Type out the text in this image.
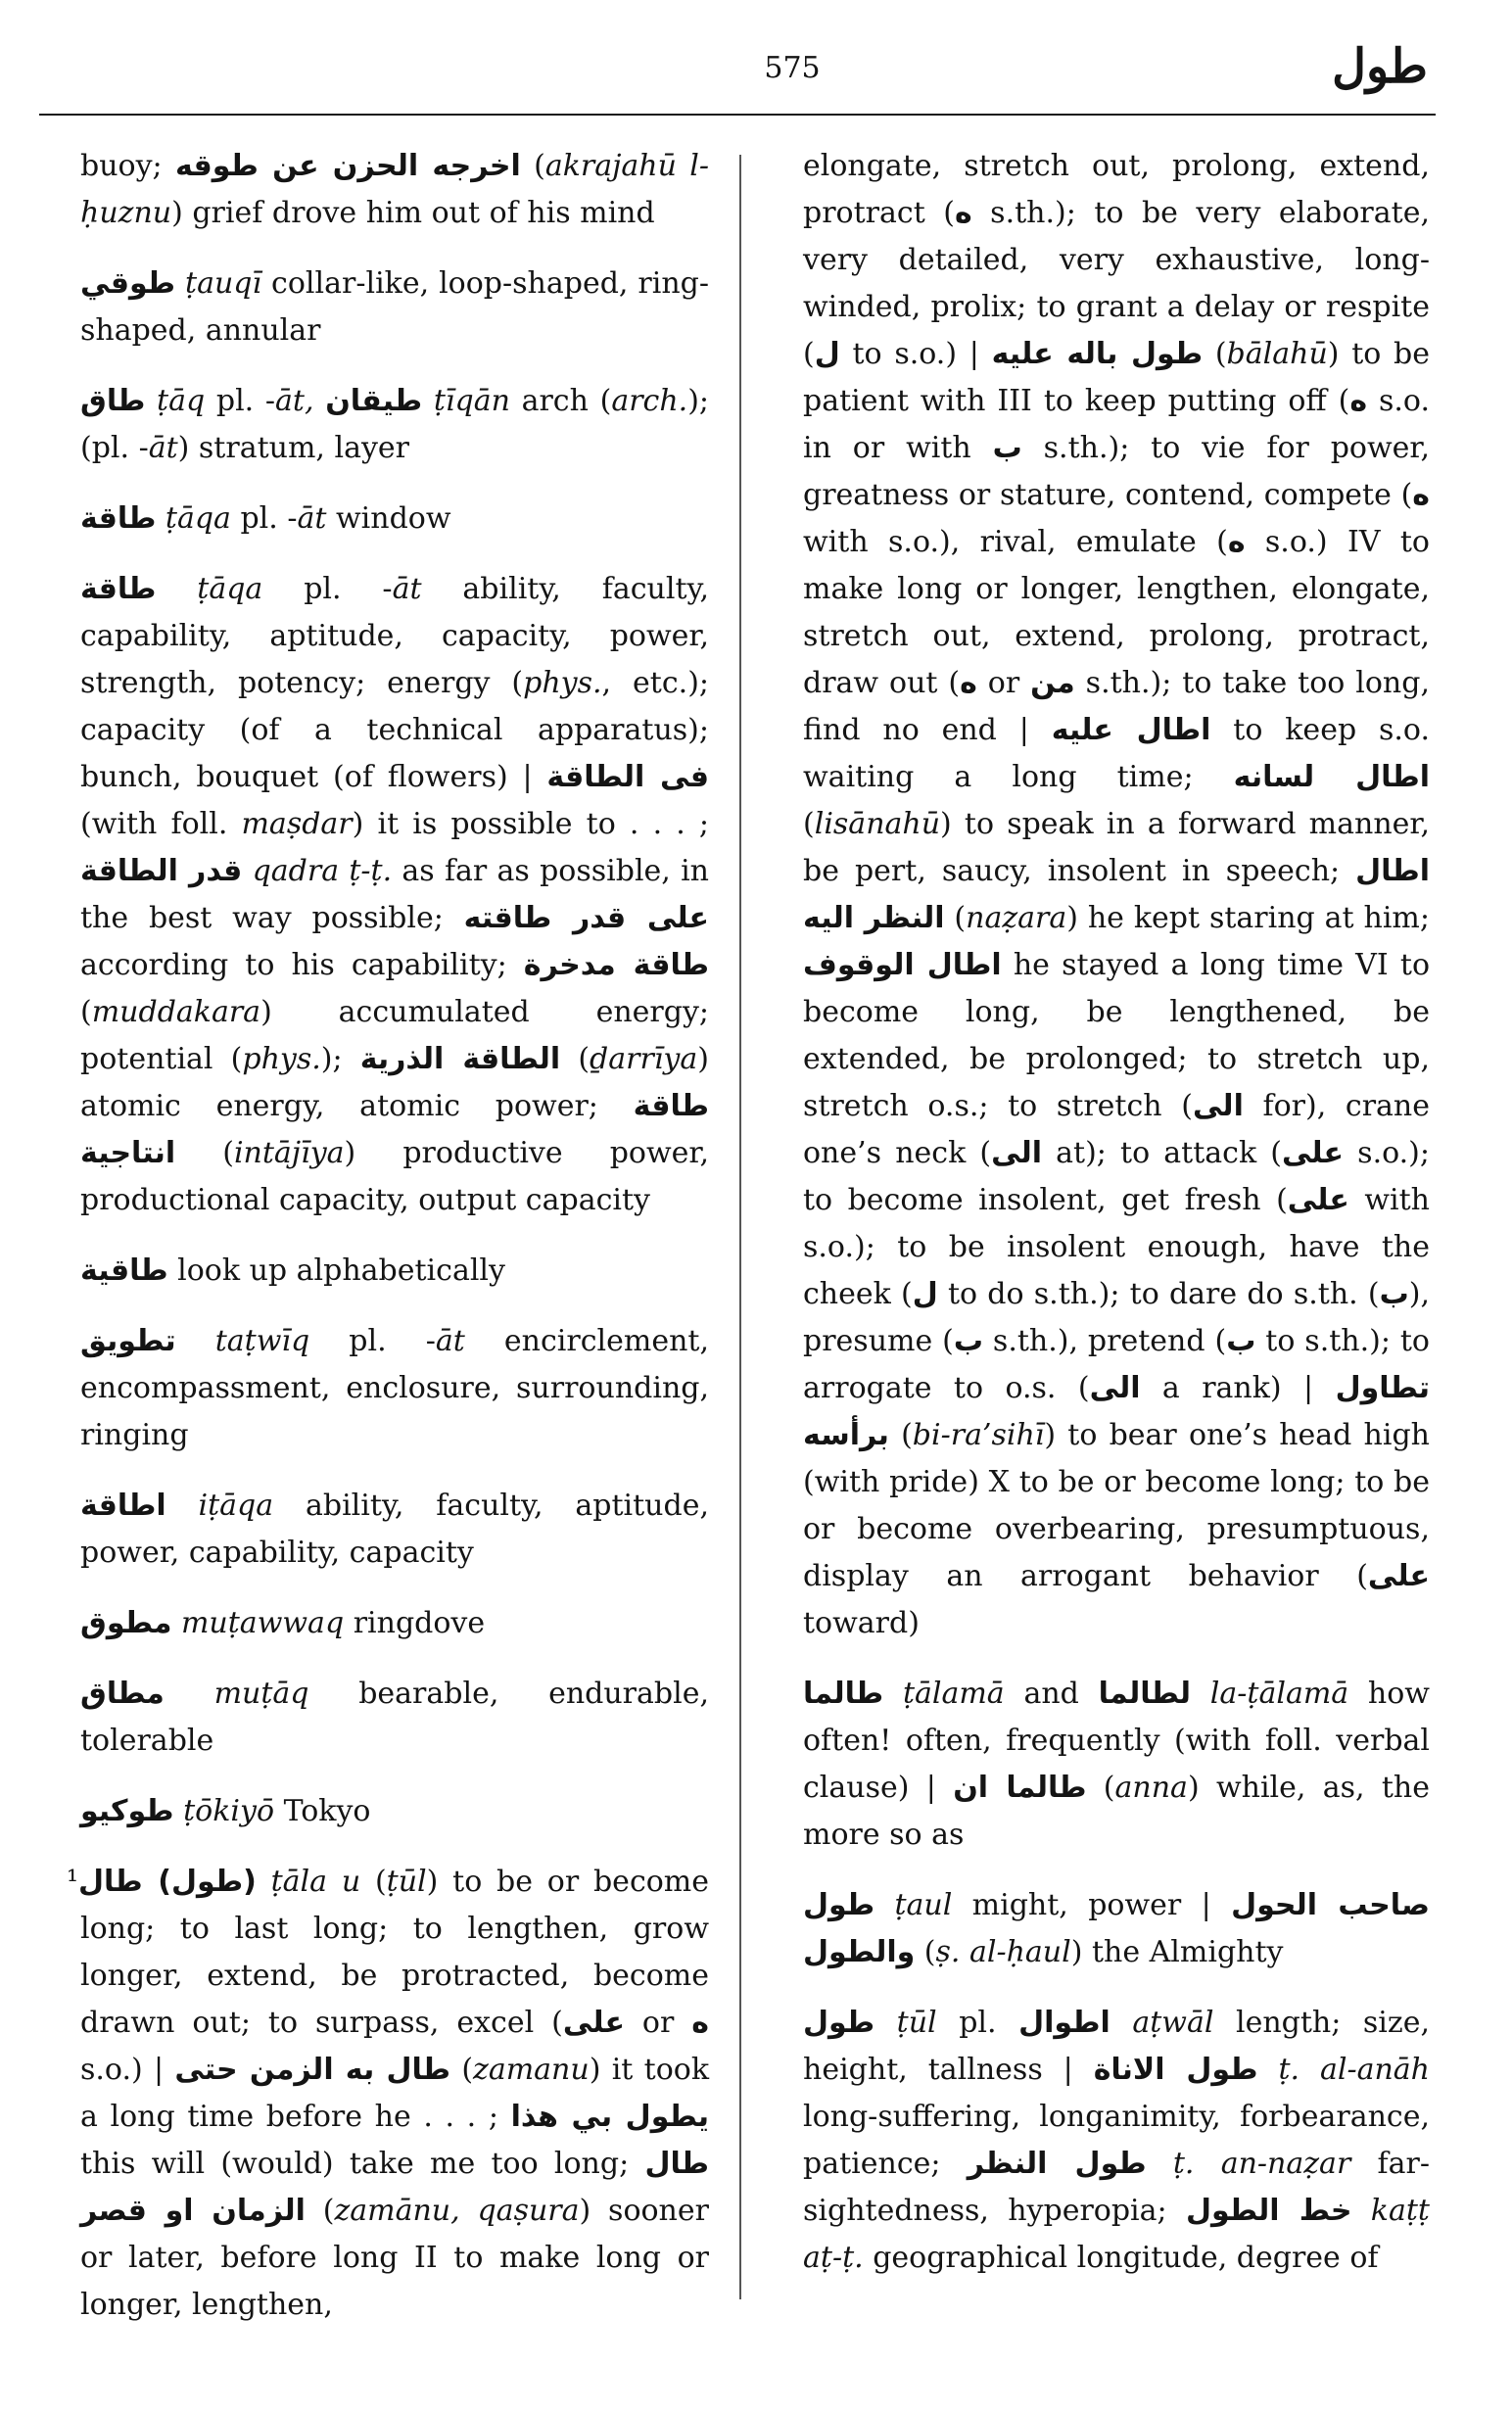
575	طول

buoy; اخرجه الحزن عن طوقه (akrajahū l-ḥuznu) grief drove him out of his mind

طوقي ṭauqī collar-like, loop-shaped, ring-shaped, annular

طاق ṭāq pl. -āt, طيقان ṭīqān arch (arch.); (pl. -āt) stratum, layer

طاقة ṭāqa pl. -āt window

طاقة ṭāqa pl. -āt ability, faculty, capability, aptitude, capacity, power, strength, potency; energy (phys., etc.); capacity (of a technical apparatus); bunch, bouquet (of flowers) | فى الطاقة (with foll. maṣdar) it is possible to . . . ; قدر الطاقة qadra ṭ-ṭ. as far as possible, in the best way possible; على قدر طاقته according to his capability; طاقة مدخرة (muddakara) accumulated energy; potential (phys.); الطاقة الذرية (ḏarrīya) atomic energy, atomic power; طاقة انتاجية (intājīya) productive power, productional capacity, output capacity

طاقية look up alphabetically

تطويق taṭwīq pl. -āt encirclement, encompassment, enclosure, surrounding, ringing

اطاقة iṭāqa ability, faculty, aptitude, power, capability, capacity

مطوق muṭawwaq ringdove

مطاق muṭāq bearable, endurable, tolerable

طوكيو ṭōkiyō Tokyo

¹(طول) طال ṭāla u (ṭūl) to be or become long; to last long; to lengthen, grow longer, extend, be protracted, become drawn out; to surpass, excel (على or ه s.o.) | طال به الزمن حتى (zamanu) it took a long time before he . . . ; يطول بي هذا this will (would) take me too long; طال الزمان او قصر (zamānu, qaṣura) sooner or later, before long II to make long or longer, lengthen,

elongate, stretch out, prolong, extend, protract (ه s.th.); to be very elaborate, very detailed, very exhaustive, long-winded, prolix; to grant a delay or respite (ل to s.o.) | طول باله عليه (bālahū) to be patient with III to keep putting off (ه s.o. in or with ب s.th.); to vie for power, greatness or stature, contend, compete (ه with s.o.), rival, emulate (ه s.o.) IV to make long or longer, lengthen, elongate, stretch out, extend, prolong, protract, draw out (ه or من s.th.); to take too long, find no end | اطال عليه to keep s.o. waiting a long time; اطال لسانه (lisānahū) to speak in a forward manner, be pert, saucy, insolent in speech; اطال النظر اليه (naẓara) he kept staring at him; اطال الوقوف he stayed a long time VI to become long, be lengthened, be extended, be prolonged; to stretch up, stretch o.s.; to stretch (الى for), crane one’s neck (الى at); to attack (على s.o.); to become insolent, get fresh (على with s.o.); to be insolent enough, have the cheek (ل to do s.th.); to dare do s.th. (ب), presume (ب s.th.), pretend (ب to s.th.); to arrogate to o.s. (الى a rank) | تطاول برأسه (bi-ra’sihī) to bear one’s head high (with pride) X to be or become long; to be or become overbearing, presumptuous, display an arrogant behavior (على toward)

طالما ṭālamā and لطالما la-ṭālamā how often! often, frequently (with foll. verbal clause) | طالما ان (anna) while, as, the more so as

طول ṭaul might, power | صاحب الحول والطول (ṣ. al-ḥaul) the Almighty

طول ṭūl pl. اطوال aṭwāl length; size, height, tallness | طول الاناة ṭ. al-anāh long-suffering, longanimity, forbearance, patience; طول النظر ṭ. an-naẓar far-sightedness, hyperopia; خط الطول kaṭṭ aṭ-ṭ. geographical longitude, degree of
